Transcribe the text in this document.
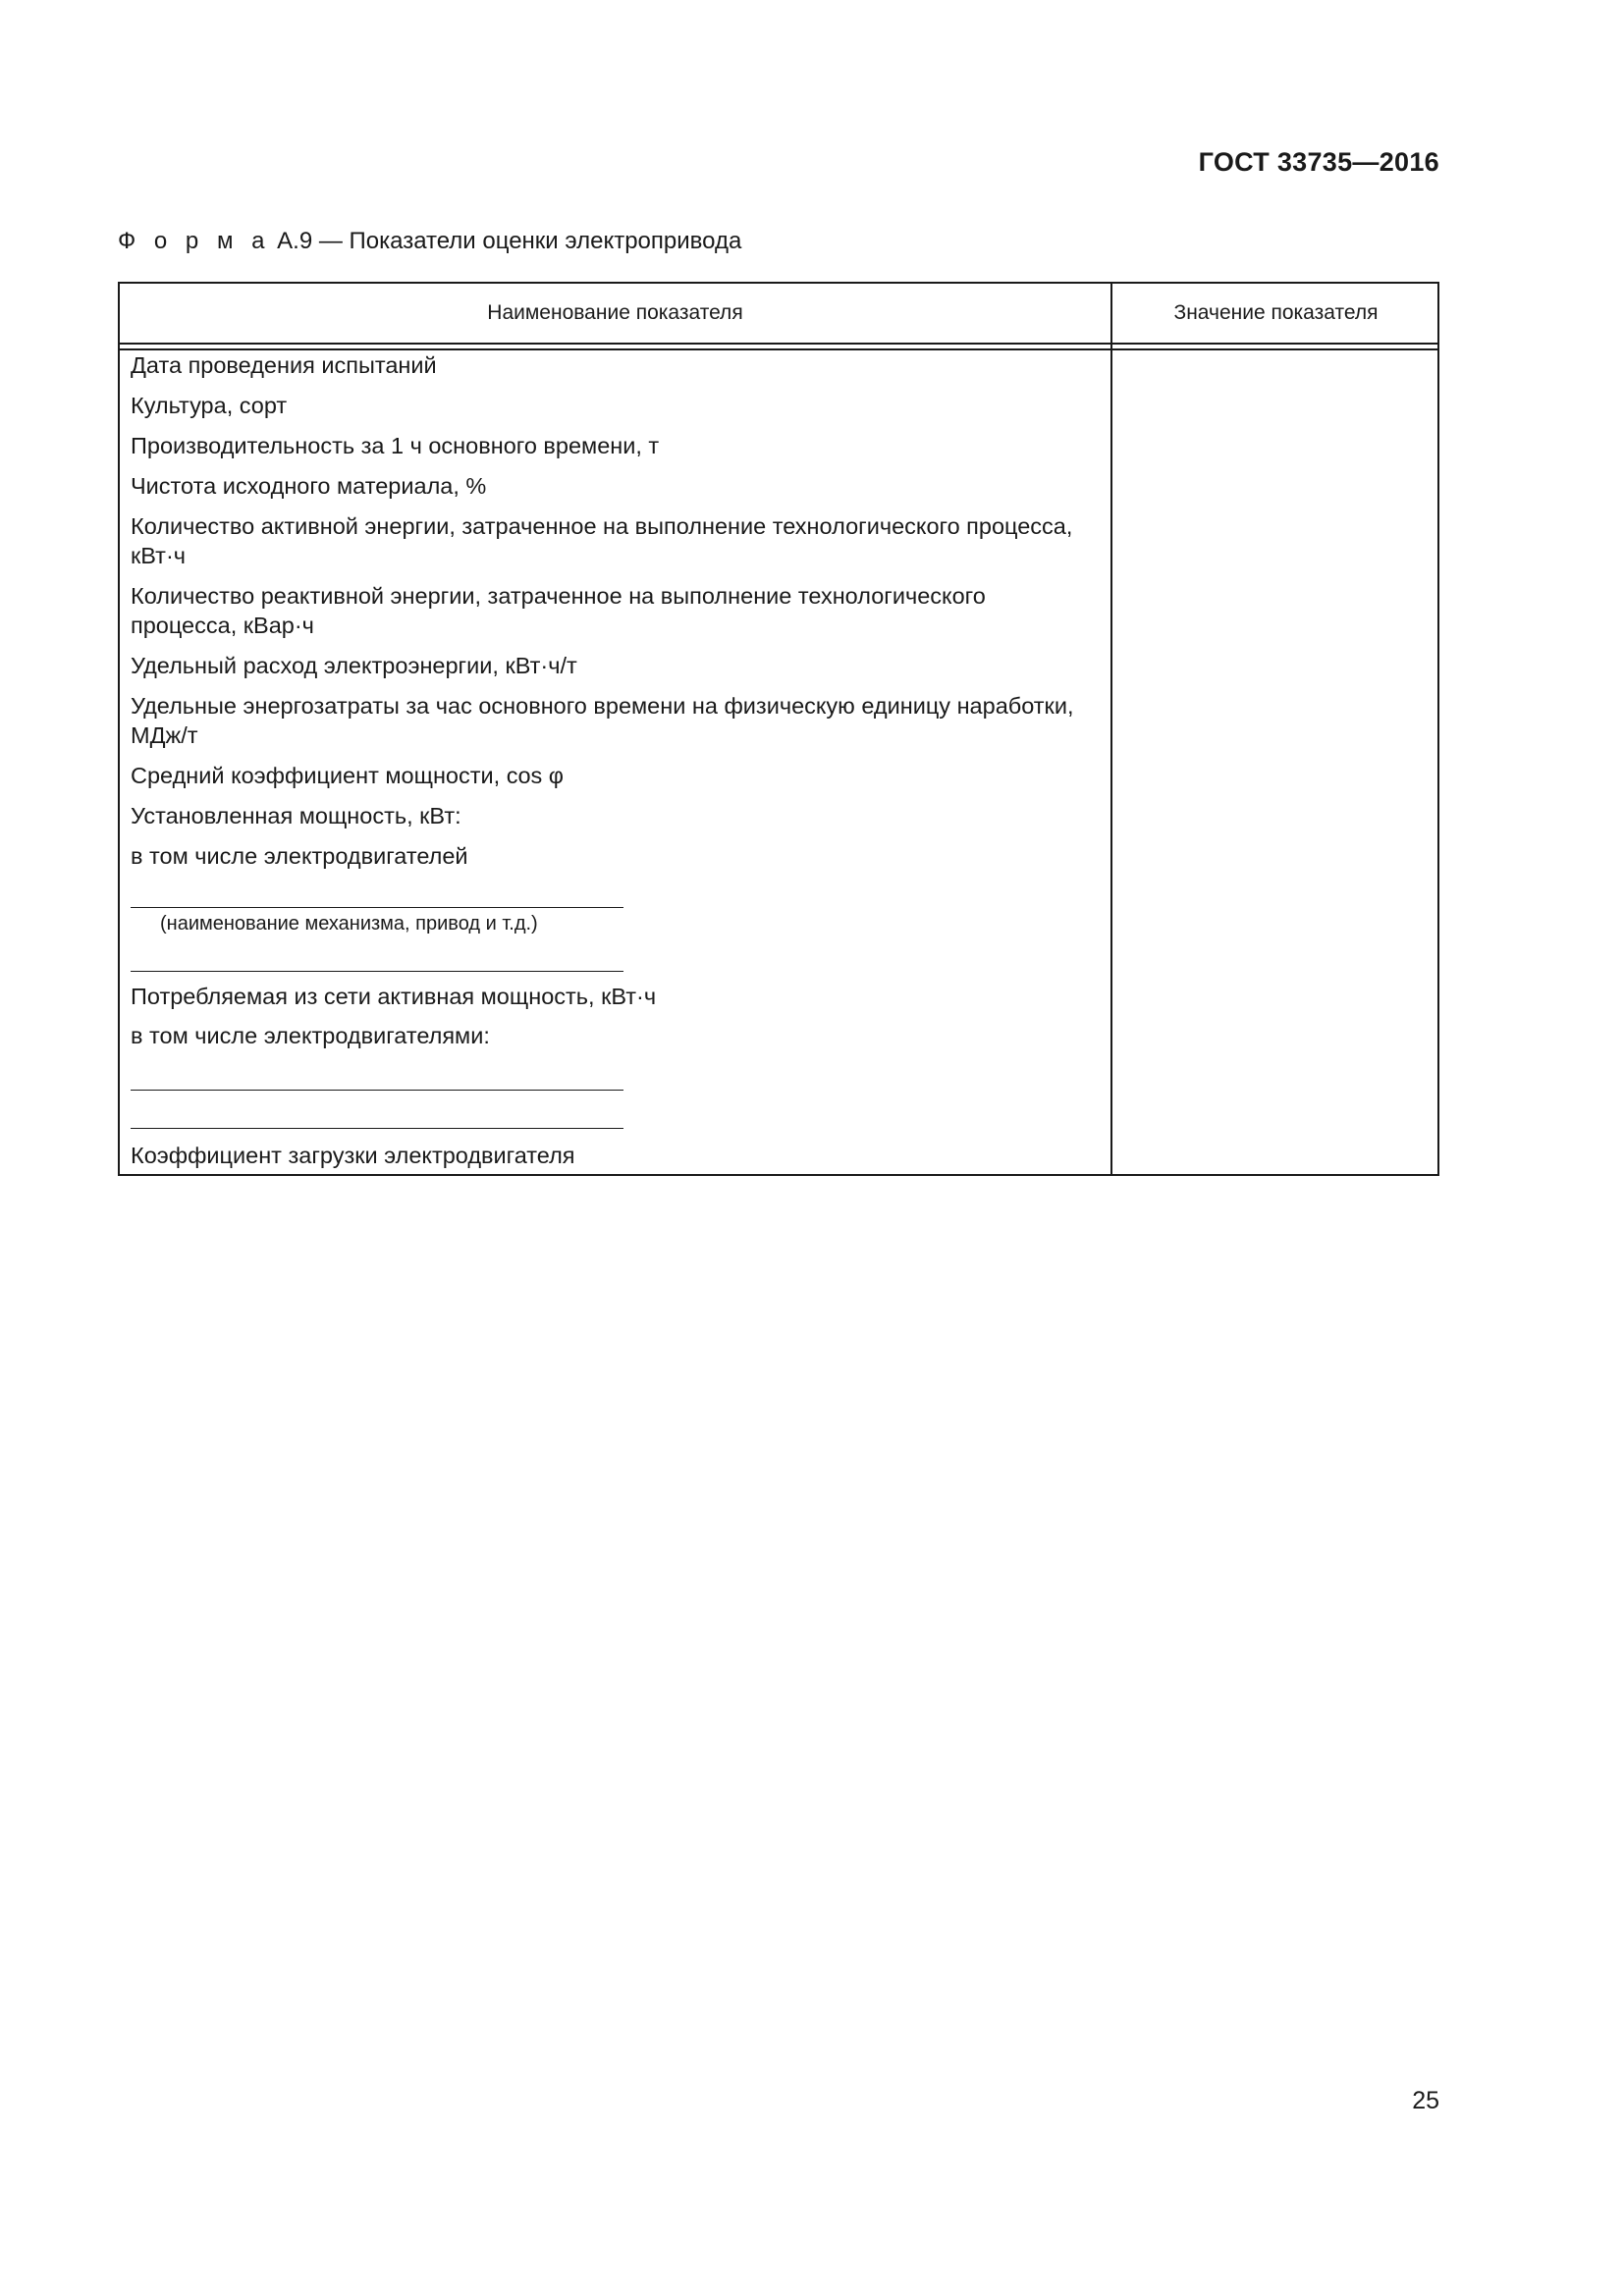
ГОСТ 33735—2016
Ф о р м а А.9 — Показатели оценки электропривода
Наименование показателя	Значение показателя
Дата проведения испытаний
Культура, сорт
Производительность за 1 ч основного времени, т
Чистота исходного материала, %
Количество активной энергии, затраченное на выполнение технологического процесса, кВт·ч
Количество реактивной энергии, затраченное на выполнение технологического процесса, кВар·ч
Удельный расход электроэнергии, кВт·ч/т
Удельные энергозатраты за час основного времени на физическую единицу наработки, МДж/т
Средний коэффициент мощности, cos φ
Установленная мощность, кВт:
в том числе электродвигателей
(наименование механизма, привод и т.д.)
Потребляемая из сети активная мощность, кВт·ч
в том числе электродвигателями:
Коэффициент загрузки электродвигателя
25
